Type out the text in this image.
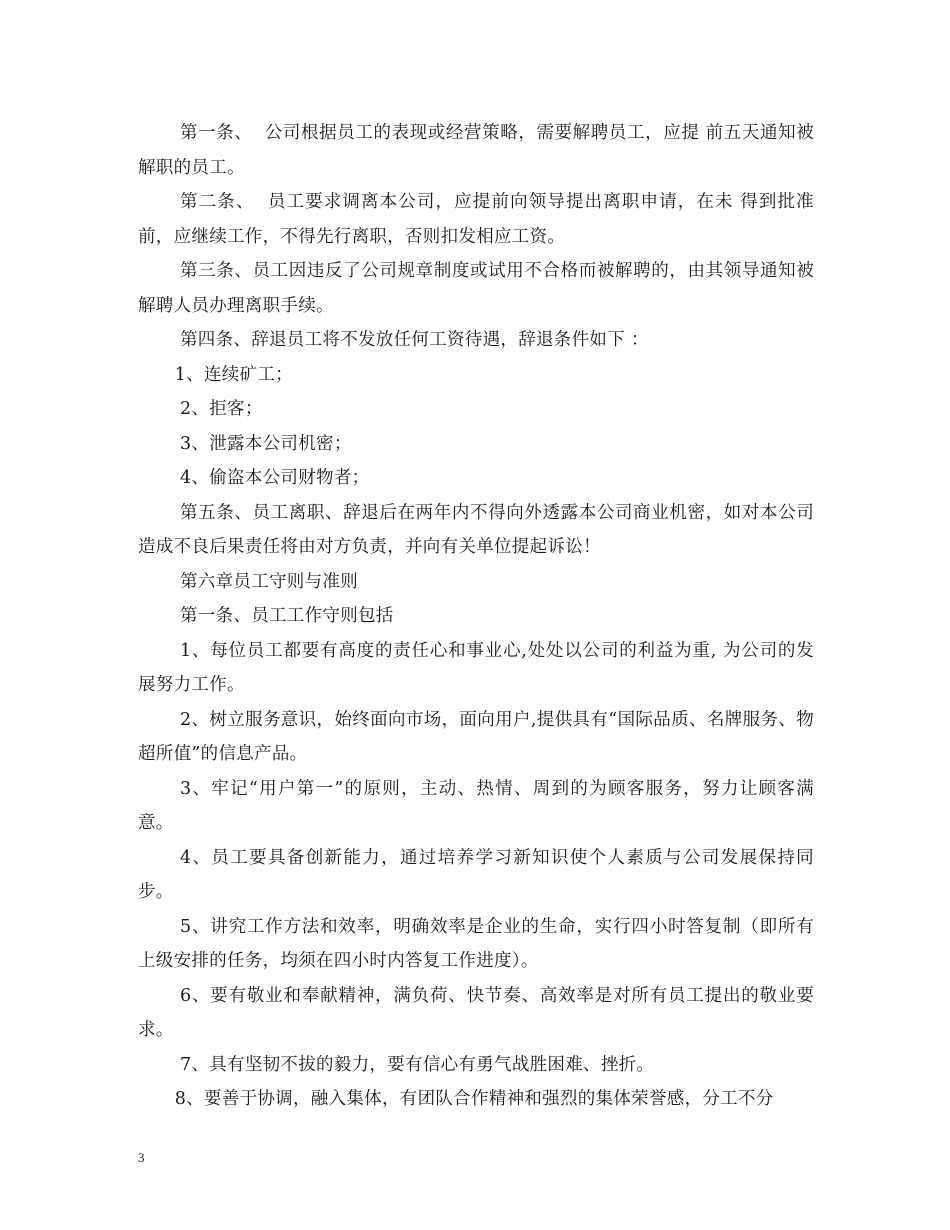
第一条、  公司根据员工的表现或经营策略，需要解聘员工，应提 前五天通知被解职的员工。

第二条、  员工要求调离本公司，应提前向领导提出离职申请，在未 得到批准前，应继续工作，不得先行离职，否则扣发相应工资。

第三条、员工因违反了公司规章制度或试用不合格而被解聘的，由其领导通知被解聘人员办理离职手续。

第四条、辞退员工将不发放任何工资待遇，辞退条件如下 ：

1、连续矿工；

2、拒客；

3、泄露本公司机密；

4、偷盗本公司财物者；

第五条、员工离职、辞退后在两年内不得向外透露本公司商业机密，如对本公司造成不良后果责任将由对方负责，并向有关单位提起诉讼！

第六章员工守则与准则

第一条、员工工作守则包括

1、每位员工都要有高度的责任心和事业心,处处以公司的利益为重, 为公司的发展努力工作。

2、树立服务意识，始终面向市场，面向用户,提供具有“国际品质、名牌服务、物超所值”的信息产品。

3、牢记“用户第一”的原则，主动、热情、周到的为顾客服务，努力让顾客满意。

4、员工要具备创新能力，通过培养学习新知识使个人素质与公司发展保持同步。

5、讲究工作方法和效率，明确效率是企业的生命，实行四小时答复制（即所有上级安排的任务，均须在四小时内答复工作进度）。

6、要有敬业和奉献精神，满负荷、快节奏、高效率是对所有员工提出的敬业要求。

7、具有坚韧不拔的毅力，要有信心有勇气战胜困难、挫折。

8、要善于协调，融入集体，有团队合作精神和强烈的集体荣誉感，分工不分

3
